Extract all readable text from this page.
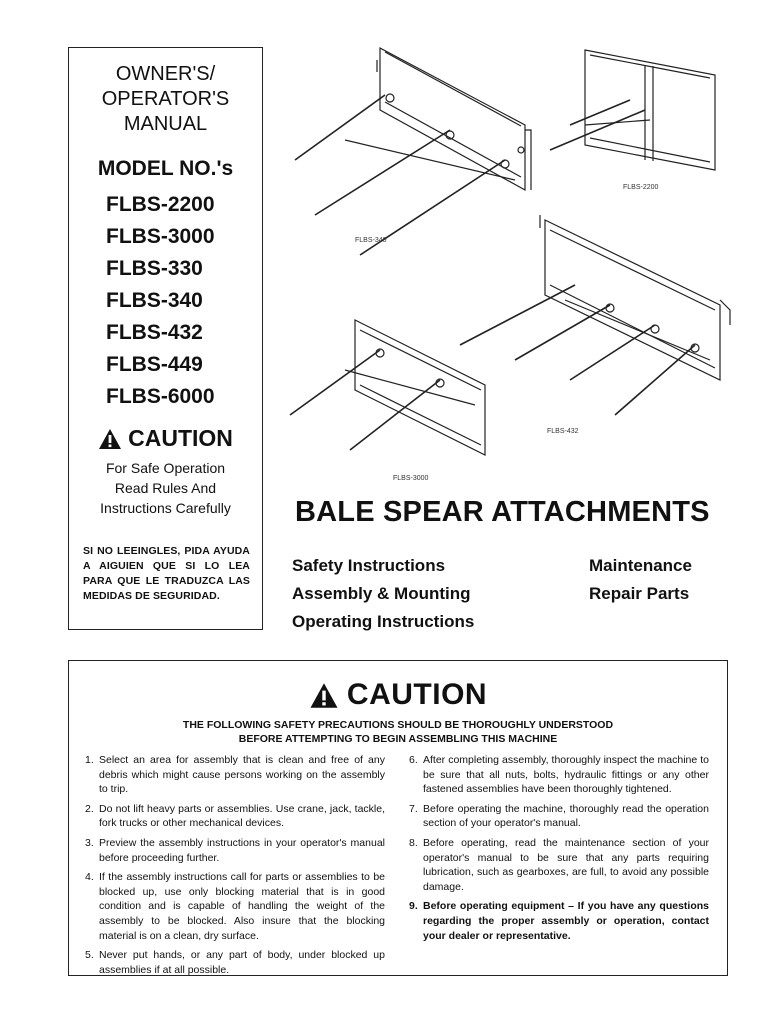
OWNER'S/
OPERATOR'S
MANUAL
MODEL NO.'s
FLBS-2200
FLBS-3000
FLBS-330
FLBS-340
FLBS-432
FLBS-449
FLBS-6000
CAUTION
For Safe Operation
Read Rules And
Instructions Carefully
SI NO LEEINGLES, PIDA AYUDA A AIGUIEN QUE SI LO LEA PARA QUE LE TRADUZCA LAS MEDIDAS DE SEGURIDAD.
FLBS-340
FLBS-2200
FLBS-432
FLBS-3000
BALE SPEAR ATTACHMENTS
Safety Instructions
Assembly & Mounting
Operating Instructions
Maintenance
Repair Parts
CAUTION
THE FOLLOWING SAFETY PRECAUTIONS SHOULD BE THOROUGHLY UNDERSTOOD
BEFORE ATTEMPTING TO BEGIN ASSEMBLING THIS MACHINE
1. Select an area for assembly that is clean and free of any debris which might cause persons working on the assembly to trip.
2. Do not lift heavy parts or assemblies. Use crane, jack, tackle, fork trucks or other mechanical devices.
3. Preview the assembly instructions in your operator's manual before proceeding further.
4. If the assembly instructions call for parts or assemblies to be blocked up, use only blocking material that is in good condition and is capable of handling the weight of the assembly to be blocked. Also insure that the blocking material is on a clean, dry surface.
5. Never put hands, or any part of body, under blocked up assemblies if at all possible.
6. After completing assembly, thoroughly inspect the machine to be sure that all nuts, bolts, hydraulic fittings or any other fastened assemblies have been thoroughly tightened.
7. Before operating the machine, thoroughly read the operation section of your operator's manual.
8. Before operating, read the maintenance section of your operator's manual to be sure that any parts requiring lubrication, such as gearboxes, are full, to avoid any possible damage.
9. Before operating equipment – If you have any questions regarding the proper assembly or operation, contact your dealer or representative.
